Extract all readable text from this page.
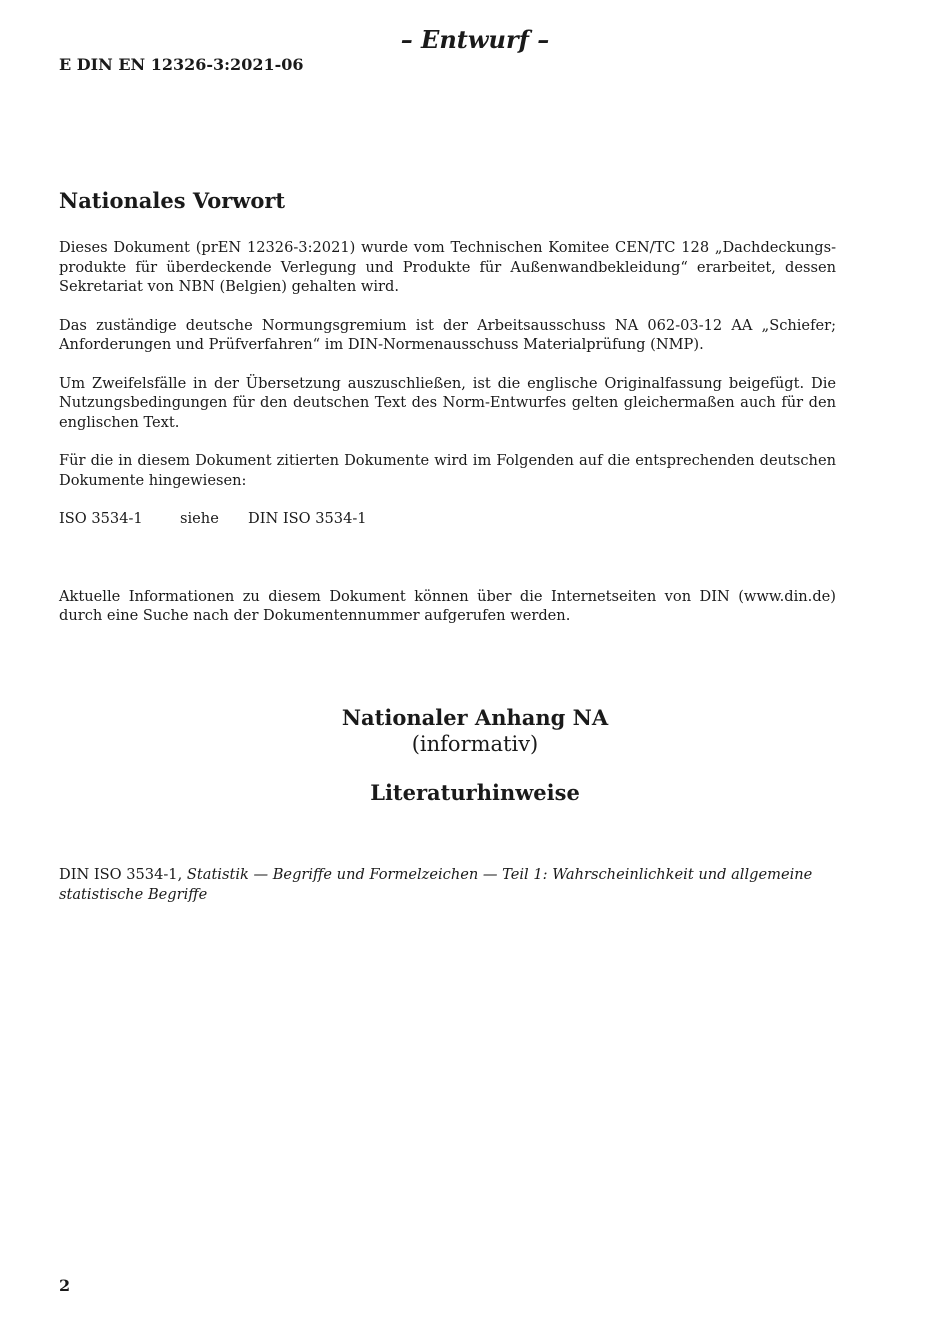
– Entwurf –
E DIN EN 12326-3:2021-06
Nationales Vorwort

Dieses Dokument (prEN 12326-3:2021) wurde vom Technischen Komitee CEN/TC 128 „Dachdeckungs-produkte für überdeckende Verlegung und Produkte für Außenwandbekleidung“ erarbeitet, dessen Sekretariat von NBN (Belgien) gehalten wird.

Das zuständige deutsche Normungsgremium ist der Arbeitsausschuss NA 062-03-12 AA „Schiefer; Anforderungen und Prüfverfahren“ im DIN-Normenausschuss Materialprüfung (NMP).

Um Zweifelsfälle in der Übersetzung auszuschließen, ist die englische Originalfassung beigefügt. Die Nutzungsbedingungen für den deutschen Text des Norm-Entwurfes gelten gleichermaßen auch für den englischen Text.

Für die in diesem Dokument zitierten Dokumente wird im Folgenden auf die entsprechenden deutschen Dokumente hingewiesen:

ISO 3534-1	siehe	DIN ISO 3534-1

Aktuelle Informationen zu diesem Dokument können über die Internetseiten von DIN (www.din.de) durch eine Suche nach der Dokumentennummer aufgerufen werden.

Nationaler Anhang NA
(informativ)
Literaturhinweise
DIN ISO 3534-1, Statistik — Begriffe und Formelzeichen — Teil 1: Wahrscheinlichkeit und allgemeine statistische Begriffe
2
